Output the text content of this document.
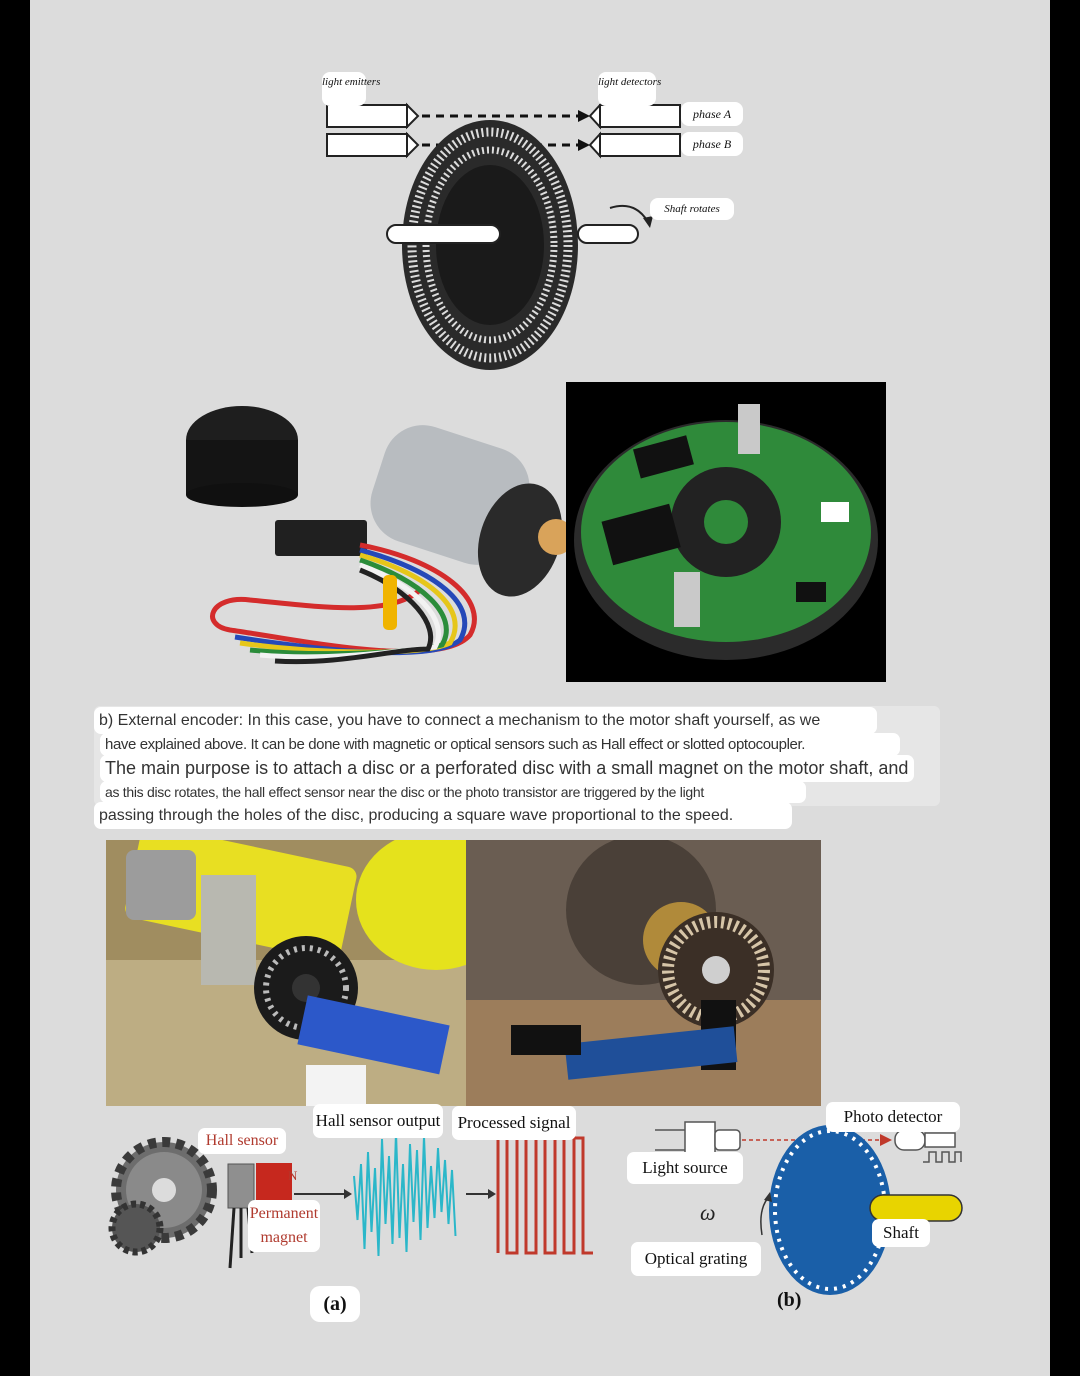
light emitters	light detectors
phase A
phase B
Shaft rotates
b) External encoder: In this case, you have to connect a mechanism to the motor shaft yourself, as we
have explained above. It can be done with magnetic or optical sensors such as Hall effect or slotted optocoupler.
The main purpose is to attach a disc or a perforated disc with a small magnet on the motor shaft, and
as this disc rotates, the hall effect sensor near the disc or the photo transistor are triggered by the light
passing through the holes of the disc, producing a square wave proportional to the speed.
Hall sensor
Hall sensor output	Processed signal
N
Permanent
magnet
(a)
Photo detector
Light source
ω
Shaft
Optical grating
(b)
